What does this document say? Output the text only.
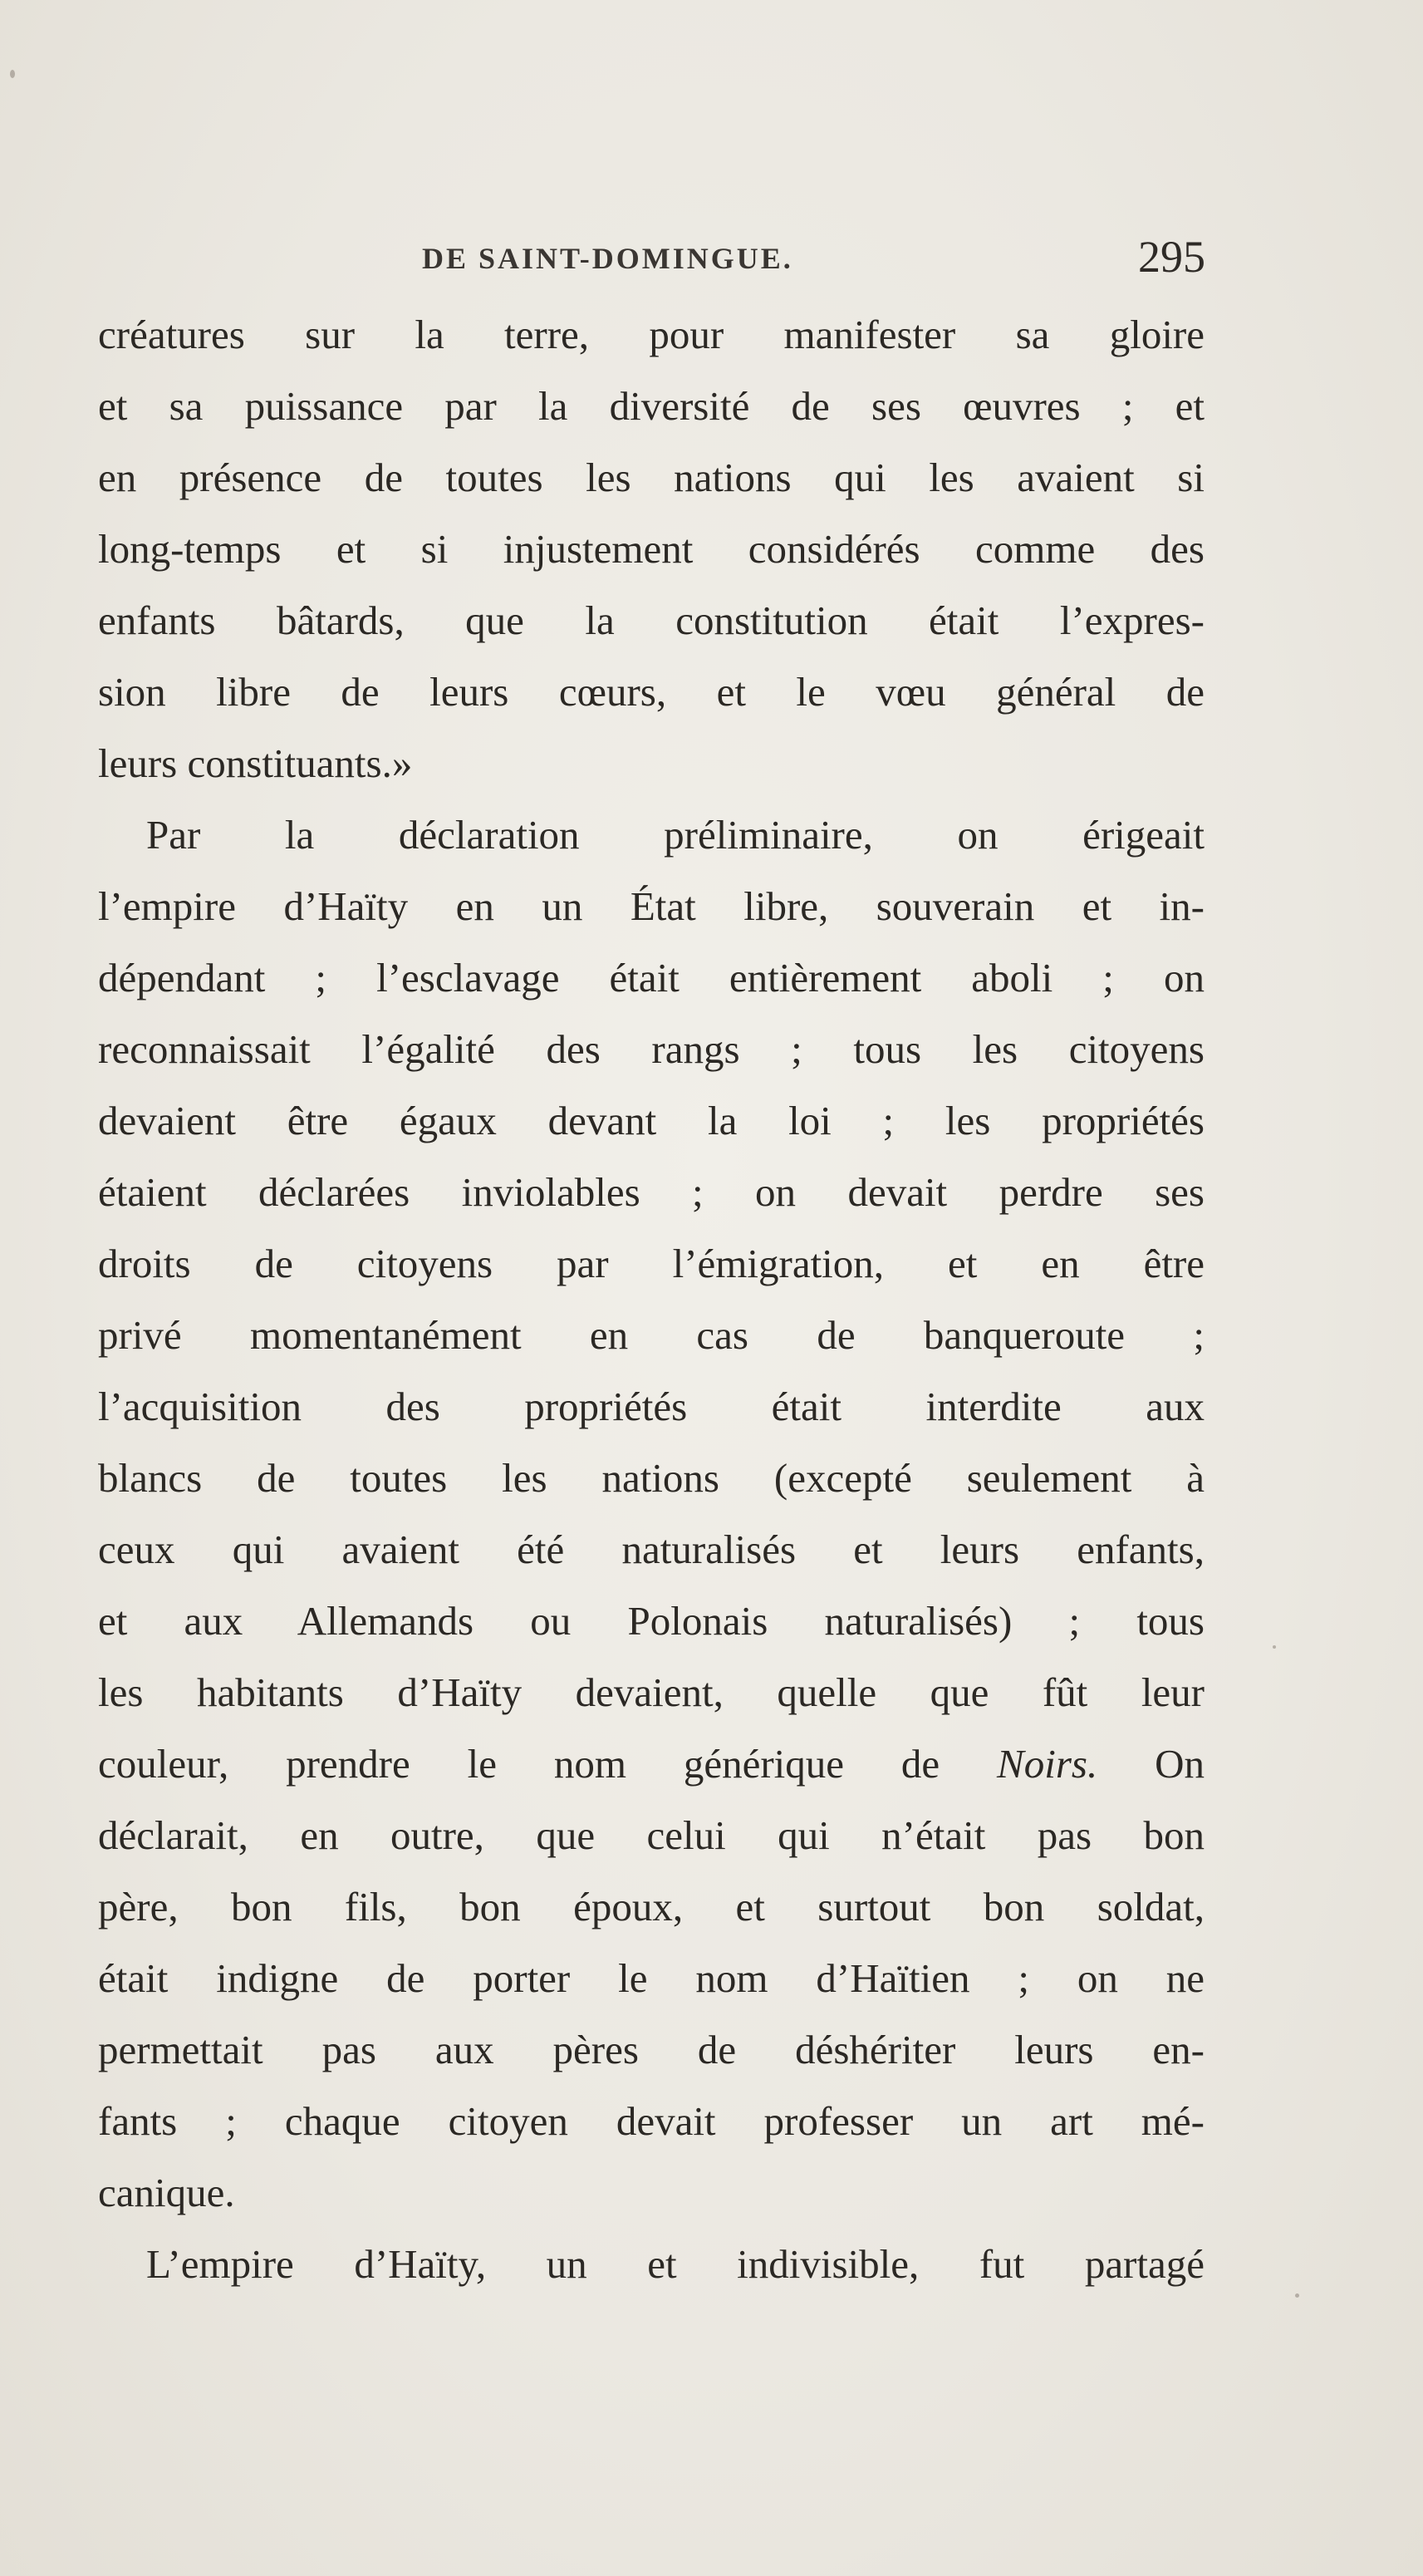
DE SAINT-DOMINGUE.	295
créatures sur la terre, pour manifester sa gloire
et sa puissance par la diversité de ses œuvres ; et
en présence de toutes les nations qui les avaient si
long-temps et si injustement considérés comme des
enfants bâtards, que la constitution était l’expres-
sion libre de leurs cœurs, et le vœu général de
leurs constituants.»
Par la déclaration préliminaire, on érigeait
l’empire d’Haïty en un État libre, souverain et in-
dépendant ; l’esclavage était entièrement aboli ; on
reconnaissait l’égalité des rangs ; tous les citoyens
devaient être égaux devant la loi ; les propriétés
étaient déclarées inviolables ; on devait perdre ses
droits de citoyens par l’émigration, et en être
privé momentanément en cas de banqueroute ;
l’acquisition des propriétés était interdite aux
blancs de toutes les nations (excepté seulement à
ceux qui avaient été naturalisés et leurs enfants,
et aux Allemands ou Polonais naturalisés) ; tous
les habitants d’Haïty devaient, quelle que fût leur
couleur, prendre le nom générique de Noirs. On
déclarait, en outre, que celui qui n’était pas bon
père, bon fils, bon époux, et surtout bon soldat,
était indigne de porter le nom d’Haïtien ; on ne
permettait pas aux pères de déshériter leurs en-
fants ; chaque citoyen devait professer un art mé-
canique.
L’empire d’Haïty, un et indivisible, fut partagé
